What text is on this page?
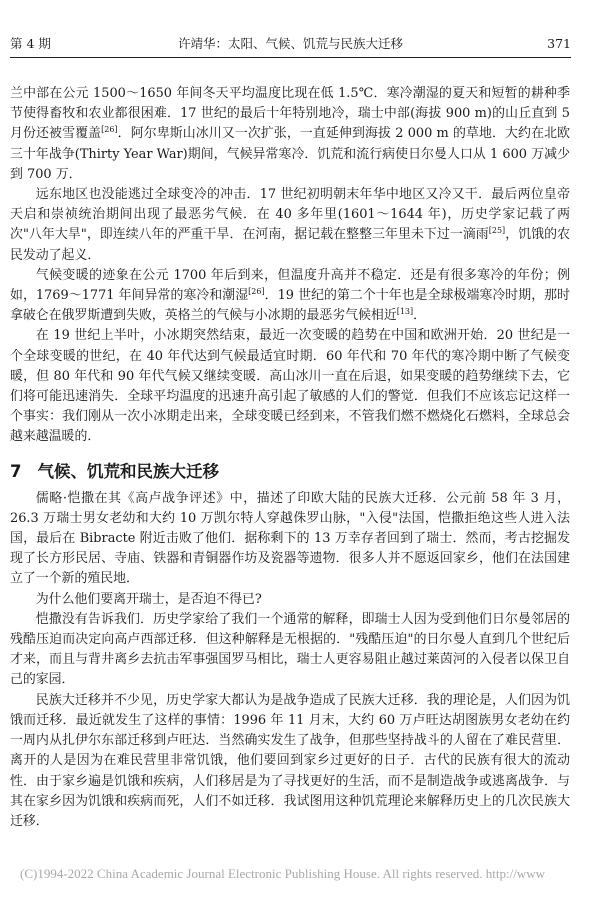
第 4 期	许靖华：太阳、气候、饥荒与民族大迁移	371

兰中部在公元 1500～1650 年间冬天平均温度比现在低 1.5℃．寒冷潮湿的夏天和短暂的耕种季节使得畜牧和农业都很困难．17 世纪的最后十年特别地冷，瑞士中部(海拔 900 m)的山丘直到 5 月份还被雪覆盖[26]．阿尔卑斯山冰川又一次扩张，一直延伸到海拔 2 000 m 的草地．大约在北欧三十年战争(Thirty Year War)期间，气候异常寒冷．饥荒和流行病使日尔曼人口从 1 600 万减少到 700 万．

远东地区也没能逃过全球变冷的冲击．17 世纪初明朝末年华中地区又冷又干．最后两位皇帝天启和崇祯统治期间出现了最恶劣气候．在 40 多年里(1601～1644 年)，历史学家记载了两次"八年大旱"，即连续八年的严重干旱．在河南，据记载在整整三年里未下过一滴雨[25]，饥饿的农民发动了起义．

气候变暖的迹象在公元 1700 年后到来，但温度升高并不稳定．还是有很多寒冷的年份；例如，1769～1771 年间异常的寒冷和潮湿[26]．19 世纪的第二个十年也是全球极端寒冷时期，那时拿破仑在俄罗斯遭到失败，英格兰的气候与小冰期的最恶劣气候相近[13]．

在 19 世纪上半叶，小冰期突然结束，最近一次变暖的趋势在中国和欧洲开始．20 世纪是一个全球变暖的世纪，在 40 年代达到气候最适宜时期．60 年代和 70 年代的寒冷期中断了气候变暖，但 80 年代和 90 年代气候又继续变暖．高山冰川一直在后退，如果变暖的趋势继续下去，它们将可能迅速消失．全球平均温度的迅速升高引起了敏感的人们的警觉．但我们不应该忘记这样一个事实：我们刚从一次小冰期走出来，全球变暖已经到来，不管我们燃不燃烧化石燃料，全球总会越来越温暖的．

7 气候、饥荒和民族大迁移

儒略·恺撒在其《高卢战争评述》中，描述了印欧大陆的民族大迁移．公元前 58 年 3 月，26.3 万瑞士男女老幼和大约 10 万凯尔特人穿越侏罗山脉，"入侵"法国，恺撒拒绝这些人进入法国，最后在 Bibracte 附近击败了他们．据称剩下的 13 万幸存者回到了瑞士．然而，考古挖掘发现了长方形民居、寺庙、铁器和青铜器作坊及瓷器等遗物．很多人并不愿返回家乡，他们在法国建立了一个新的殖民地．

为什么他们要离开瑞士，是否迫不得已?

恺撒没有告诉我们．历史学家给了我们一个通常的解释，即瑞士人因为受到他们日尔曼邻居的残酷压迫而决定向高卢西部迁移．但这种解释是无根据的．"残酷压迫"的日尔曼人直到几个世纪后才来，而且与背井离乡去抗击军事强国罗马相比，瑞士人更容易阻止越过莱茵河的入侵者以保卫自己的家园．

民族大迁移并不少见，历史学家大都认为是战争造成了民族大迁移．我的理论是，人们因为饥饿而迁移．最近就发生了这样的事情：1996 年 11 月末，大约 60 万卢旺达胡图族男女老幼在约一周内从扎伊尔东部迁移到卢旺达．当然确实发生了战争，但那些坚持战斗的人留在了难民营里．离开的人是因为在难民营里非常饥饿，他们要回到家乡过更好的日子．古代的民族有很大的流动性．由于家乡遍是饥饿和疾病，人们移居是为了寻找更好的生活，而不是制造战争或逃离战争．与其在家乡因为饥饿和疾病而死，人们不如迁移．我试图用这种饥荒理论来解释历史上的几次民族大迁移．

(C)1994-2022 China Academic Journal Electronic Publishing House. All rights reserved. http://www
